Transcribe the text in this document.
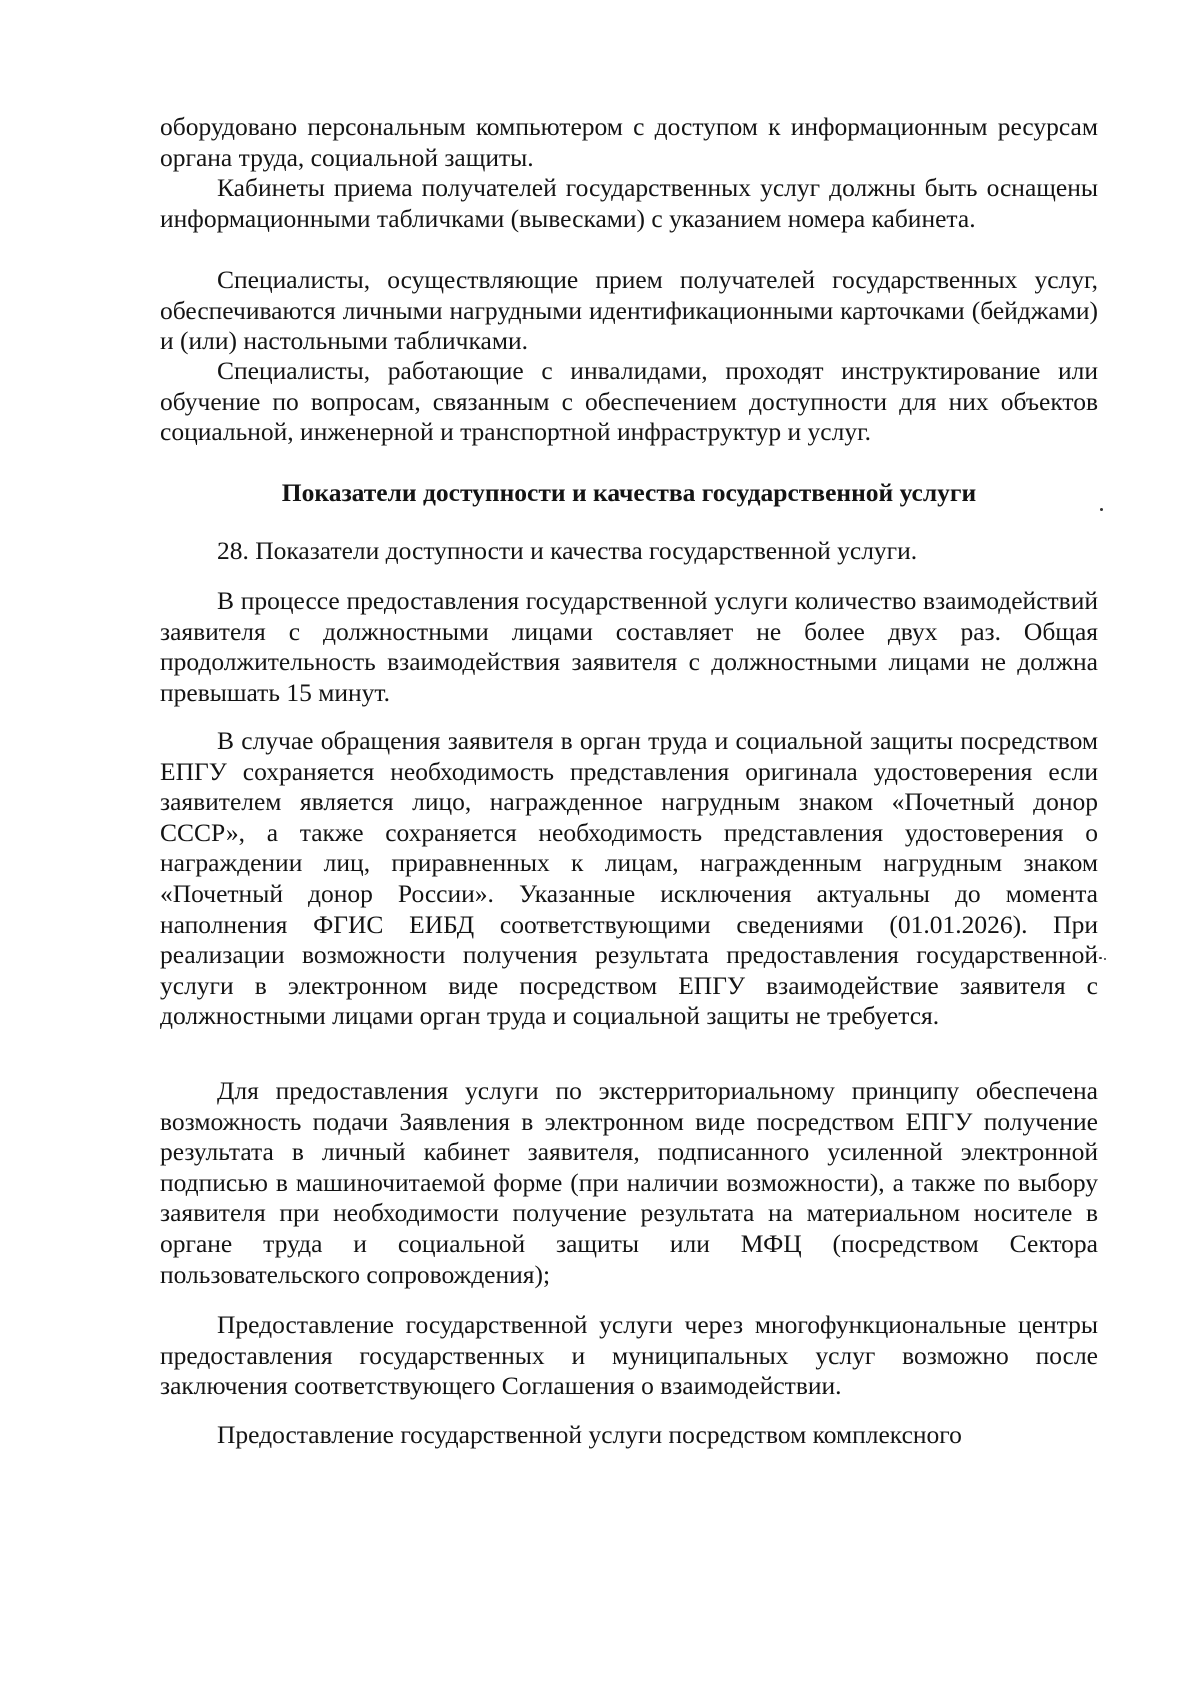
оборудовано персональным компьютером с доступом к информационным ресурсам органа труда, социальной защиты.

Кабинеты приема получателей государственных услуг должны быть оснащены информационными табличками (вывесками) с указанием номера кабинета.

Специалисты, осуществляющие прием получателей государственных услуг, обеспечиваются личными нагрудными идентификационными карточками (бейджами) и (или) настольными табличками.

Специалисты, работающие с инвалидами, проходят инструктирование или обучение по вопросам, связанным с обеспечением доступности для них объектов социальной, инженерной и транспортной инфраструктур и услуг.

Показатели доступности и качества государственной услуги

28. Показатели доступности и качества государственной услуги.

В процессе предоставления государственной услуги количество взаимодействий заявителя с должностными лицами составляет не более двух раз. Общая продолжительность взаимодействия заявителя с должностными лицами не должна превышать 15 минут.

В случае обращения заявителя в орган труда и социальной защиты посредством ЕПГУ сохраняется необходимость представления оригинала удостоверения если заявителем является лицо, награжденное нагрудным знаком «Почетный донор СССР», а также сохраняется необходимость представления удостоверения о награждении лиц, приравненных к лицам, награжденным нагрудным знаком «Почетный донор России». Указанные исключения актуальны до момента наполнения ФГИС ЕИБД соответствующими сведениями (01.01.2026). При реализации возможности получения результата предоставления государственной услуги в электронном виде посредством ЕПГУ взаимодействие заявителя с должностными лицами орган труда и социальной защиты не требуется.

Для предоставления услуги по экстерриториальному принципу обеспечена возможность подачи Заявления в электронном виде посредством ЕПГУ получение результата в личный кабинет заявителя, подписанного усиленной электронной подписью в машиночитаемой форме (при наличии возможности), а также по выбору заявителя при необходимости получение результата на материальном носителе в органе труда и социальной защиты или МФЦ (посредством Сектора пользовательского сопровождения);

Предоставление государственной услуги через многофункциональные центры предоставления государственных и муниципальных услуг возможно после заключения соответствующего Соглашения о взаимодействии.

Предоставление государственной услуги посредством комплексного
